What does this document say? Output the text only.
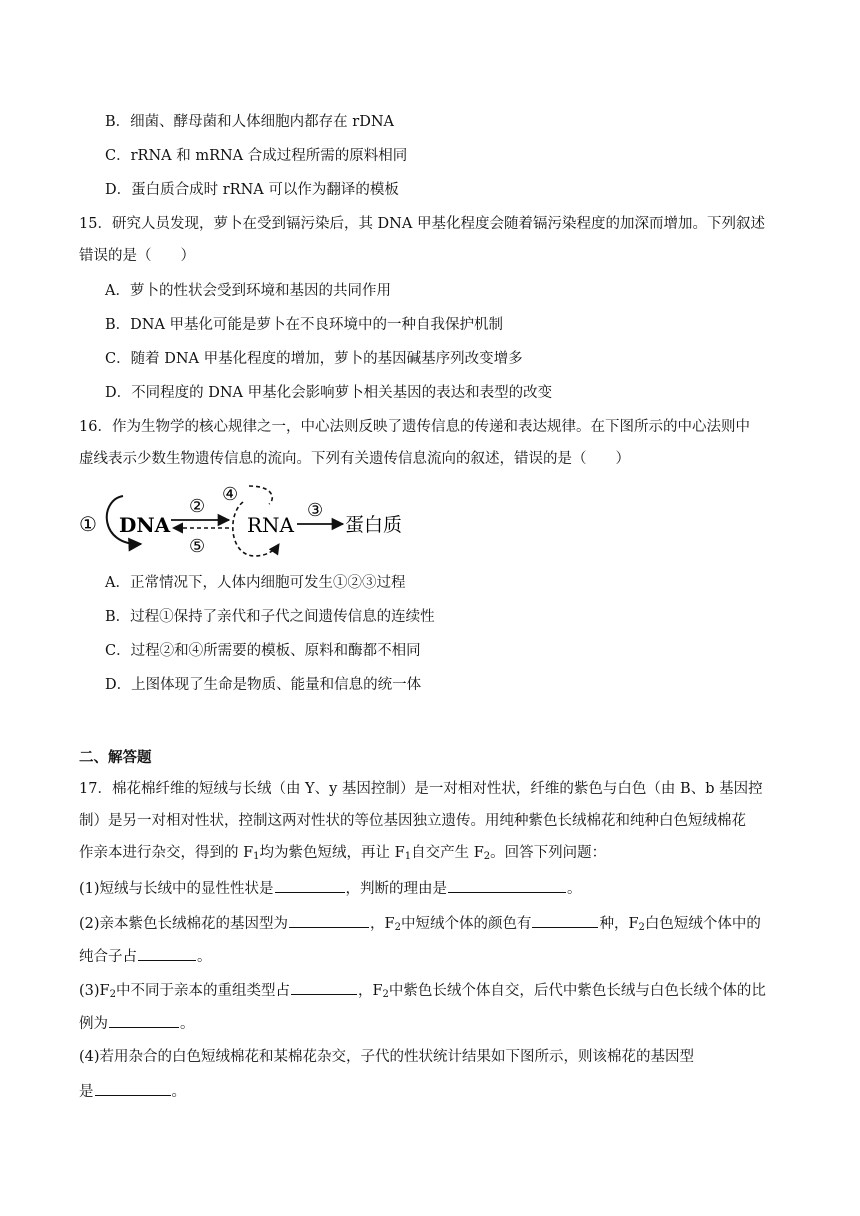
B．细菌、酵母菌和人体细胞内都存在 rDNA
C．rRNA 和 mRNA 合成过程所需的原料相同
D．蛋白质合成时 rRNA 可以作为翻译的模板
15．研究人员发现，萝卜在受到镉污染后，其 DNA 甲基化程度会随着镉污染程度的加深而增加。下列叙述
错误的是（　　）
A．萝卜的性状会受到环境和基因的共同作用
B．DNA 甲基化可能是萝卜在不良环境中的一种自我保护机制
C．随着 DNA 甲基化程度的增加，萝卜的基因碱基序列改变增多
D．不同程度的 DNA 甲基化会影响萝卜相关基因的表达和表型的改变
16．作为生物学的核心规律之一，中心法则反映了遗传信息的传递和表达规律。在下图所示的中心法则中
虚线表示少数生物遗传信息的流向。下列有关遗传信息流向的叙述，错误的是（　　）
① DNA
②
⑤
④
RNA
③
蛋白质
A．正常情况下，人体内细胞可发生①②③过程
B．过程①保持了亲代和子代之间遗传信息的连续性
C．过程②和④所需要的模板、原料和酶都不相同
D．上图体现了生命是物质、能量和信息的统一体
二、解答题
17．棉花棉纤维的短绒与长绒（由 Y、y 基因控制）是一对相对性状，纤维的紫色与白色（由 B、b 基因控
制）是另一对相对性状，控制这两对性状的等位基因独立遗传。用纯种紫色长绒棉花和纯种白色短绒棉花
作亲本进行杂交，得到的 $F_1$均为紫色短绒，再让 $F_1$自交产生 $F_2$。回答下列问题：
(1)短绒与长绒中的显性性状是	，判断的理由是	。
(2)亲本紫色长绒棉花的基因型为	，$F_2$中短绒个体的颜色有	种，$F_2$白色短绒个体中的
纯合子占	。
$(3)F_2$中不同于亲本的重组类型占	，$F_2$中紫色长绒个体自交，后代中紫色长绒与白色长绒个体的比
例为	。
(4)若用杂合的白色短绒棉花和某棉花杂交，子代的性状统计结果如下图所示，则该棉花的基因型
是	。
